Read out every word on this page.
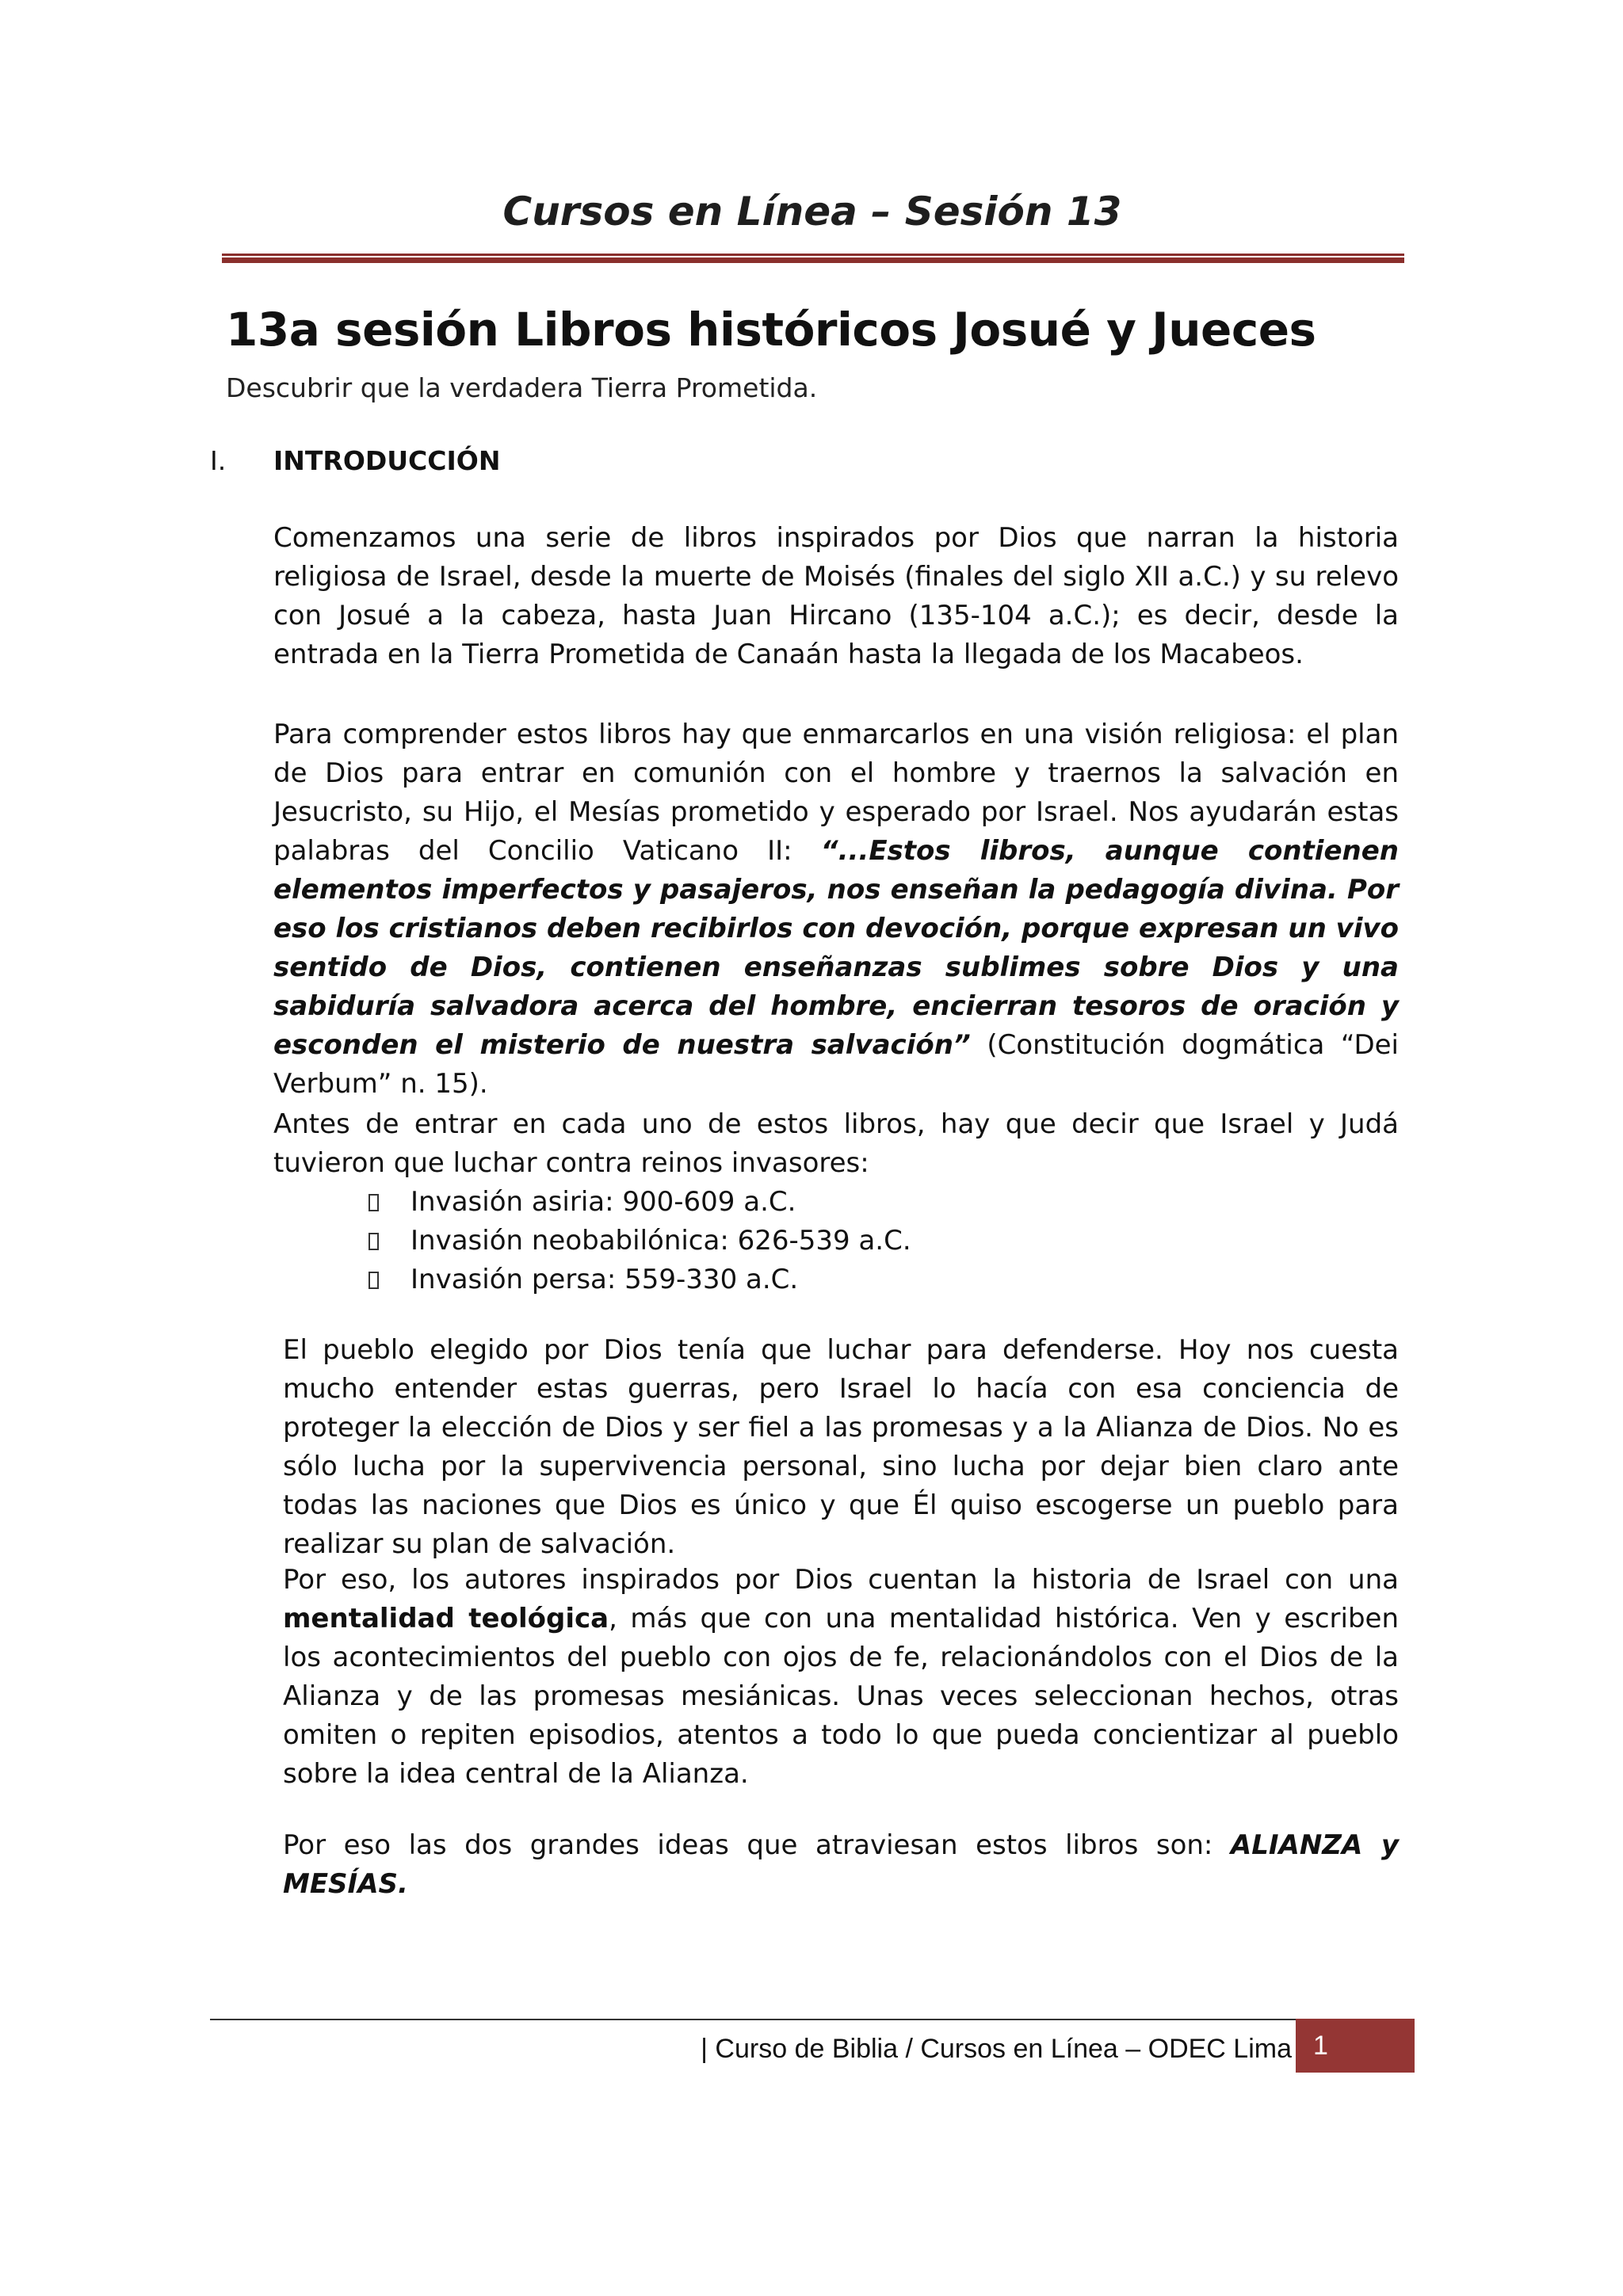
Cursos en Línea – Sesión 13
13a sesión Libros históricos Josué y Jueces
Descubrir que la verdadera Tierra Prometida.
I. INTRODUCCIÓN
Comenzamos una serie de libros inspirados por Dios que narran la historia religiosa de Israel, desde la muerte de Moisés (finales del siglo XII a.C.) y su relevo con Josué a la cabeza, hasta Juan Hircano (135-104 a.C.); es decir, desde la entrada en la Tierra Prometida de Canaán hasta la llegada de los Macabeos.
Para comprender estos libros hay que enmarcarlos en una visión religiosa: el plan de Dios para entrar en comunión con el hombre y traernos la salvación en Jesucristo, su Hijo, el Mesías prometido y esperado por Israel. Nos ayudarán estas palabras del Concilio Vaticano II: “...Estos libros, aunque contienen elementos imperfectos y pasajeros, nos enseñan la pedagogía divina. Por eso los cristianos deben recibirlos con devoción, porque expresan un vivo sentido de Dios, contienen enseñanzas sublimes sobre Dios y una sabiduría salvadora acerca del hombre, encierran tesoros de oración y esconden el misterio de nuestra salvación” (Constitución dogmática “Dei Verbum” n. 15).
Antes de entrar en cada uno de estos libros, hay que decir que Israel y Judá tuvieron que luchar contra reinos invasores:
Invasión asiria: 900-609 a.C.
Invasión neobabilónica: 626-539 a.C.
Invasión persa: 559-330 a.C.
El pueblo elegido por Dios tenía que luchar para defenderse. Hoy nos cuesta mucho entender estas guerras, pero Israel lo hacía con esa conciencia de proteger la elección de Dios y ser fiel a las promesas y a la Alianza de Dios. No es sólo lucha por la supervivencia personal, sino lucha por dejar bien claro ante todas las naciones que Dios es único y que Él quiso escogerse un pueblo para realizar su plan de salvación.
Por eso, los autores inspirados por Dios cuentan la historia de Israel con una mentalidad teológica, más que con una mentalidad histórica. Ven y escriben los acontecimientos del pueblo con ojos de fe, relacionándolos con el Dios de la Alianza y de las promesas mesiánicas. Unas veces seleccionan hechos, otras omiten o repiten episodios, atentos a todo lo que pueda concientizar al pueblo sobre la idea central de la Alianza.
Por eso las dos grandes ideas que atraviesan estos libros son: ALIANZA y MESÍAS.
| Curso de Biblia / Cursos en Línea – ODEC Lima 1
